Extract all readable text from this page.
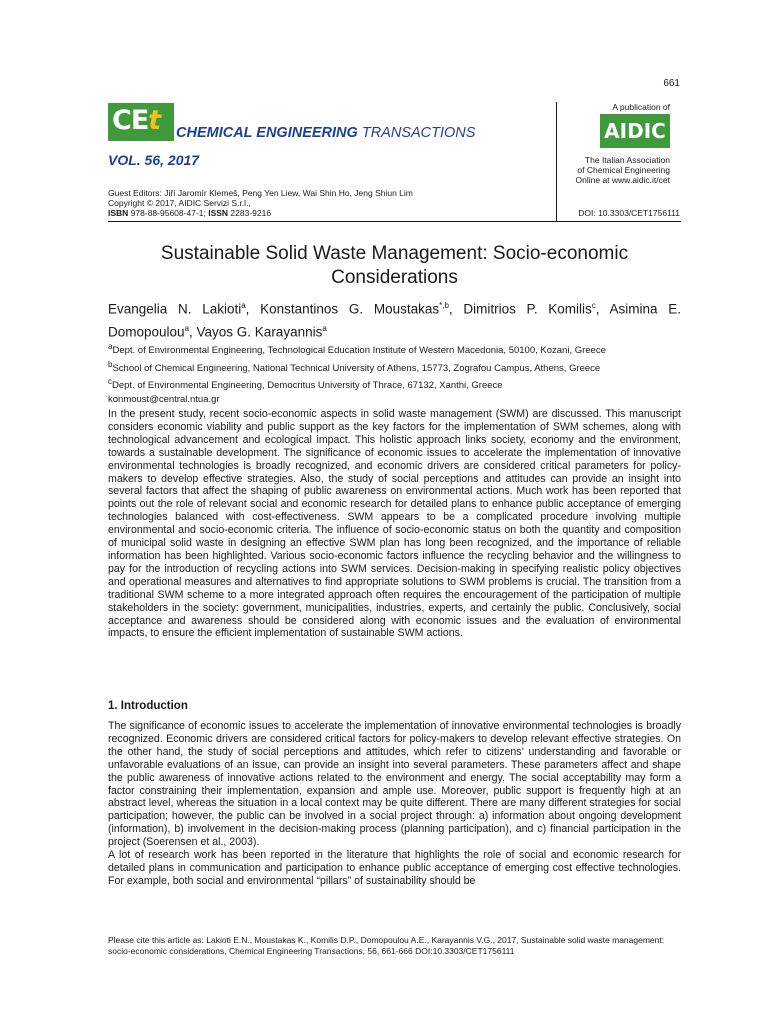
661
CEt CHEMICAL ENGINEERING TRANSACTIONS
VOL. 56, 2017
A publication of
AIDIC
The Italian Association
of Chemical Engineering
Online at www.aidic.it/cet
Guest Editors: Jiří Jaromír Klemeš, Peng Yen Liew, Wai Shin Ho, Jeng Shiun Lim
Copyright © 2017, AIDIC Servizi S.r.l.,
ISBN 978-88-95608-47-1; ISSN 2283-9216	DOI: 10.3303/CET1756111
Sustainable Solid Waste Management: Socio-economic Considerations
Evangelia N. Lakioti$^a$, Konstantinos G. Moustakas$^{*,b}$, Dimitrios P. Komilis$^c$, Asimina E. Domopoulou$^a$, Vayos G. Karayannis$^a$
$^a$Dept. of Environmental Engineering, Technological Education Institute of Western Macedonia, 50100, Kozani, Greece
$^b$School of Chemical Engineering, National Technical University of Athens, 15773, Zografou Campus, Athens, Greece
$^c$Dept. of Environmental Engineering, Democritus University of Thrace, 67132, Xanthi, Greece
konmoust@central.ntua.gr

In the present study, recent socio-economic aspects in solid waste management (SWM) are discussed. This manuscript considers economic viability and public support as the key factors for the implementation of SWM schemes, along with technological advancement and ecological impact. This holistic approach links society, economy and the environment, towards a sustainable development. The significance of economic issues to accelerate the implementation of innovative environmental technologies is broadly recognized, and economic drivers are considered critical parameters for policy-makers to develop effective strategies. Also, the study of social perceptions and attitudes can provide an insight into several factors that affect the shaping of public awareness on environmental actions. Much work has been reported that points out the role of relevant social and economic research for detailed plans to enhance public acceptance of emerging technologies balanced with cost-effectiveness. SWM appears to be a complicated procedure involving multiple environmental and socio-economic criteria. The influence of socio-economic status on both the quantity and composition of municipal solid waste in designing an effective SWM plan has long been recognized, and the importance of reliable information has been highlighted. Various socio-economic factors influence the recycling behavior and the willingness to pay for the introduction of recycling actions into SWM services. Decision-making in specifying realistic policy objectives and operational measures and alternatives to find appropriate solutions to SWM problems is crucial. The transition from a traditional SWM scheme to a more integrated approach often requires the encouragement of the participation of multiple stakeholders in the society: government, municipalities, industries, experts, and certainly the public. Conclusively, social acceptance and awareness should be considered along with economic issues and the evaluation of environmental impacts, to ensure the efficient implementation of sustainable SWM actions.

1. Introduction

The significance of economic issues to accelerate the implementation of innovative environmental technologies is broadly recognized. Economic drivers are considered critical factors for policy-makers to develop relevant effective strategies. On the other hand, the study of social perceptions and attitudes, which refer to citizens’ understanding and favorable or unfavorable evaluations of an issue, can provide an insight into several parameters. These parameters affect and shape the public awareness of innovative actions related to the environment and energy. The social acceptability may form a factor constraining their implementation, expansion and ample use. Moreover, public support is frequently high at an abstract level, whereas the situation in a local context may be quite different. There are many different strategies for social participation; however, the public can be involved in a social project through: a) information about ongoing development (information), b) involvement in the decision-making process (planning participation), and c) financial participation in the project (Soerensen et al., 2003).

A lot of research work has been reported in the literature that highlights the role of social and economic research for detailed plans in communication and participation to enhance public acceptance of emerging cost effective technologies. For example, both social and environmental “pillars” of sustainability should be

Please cite this article as: Lakioti E.N., Moustakas K., Komilis D.P., Domopoulou A.E., Karayannis V.G., 2017, Sustainable solid waste management: socio-economic considerations, Chemical Engineering Transactions, 56, 661-666 DOI:10.3303/CET1756111
